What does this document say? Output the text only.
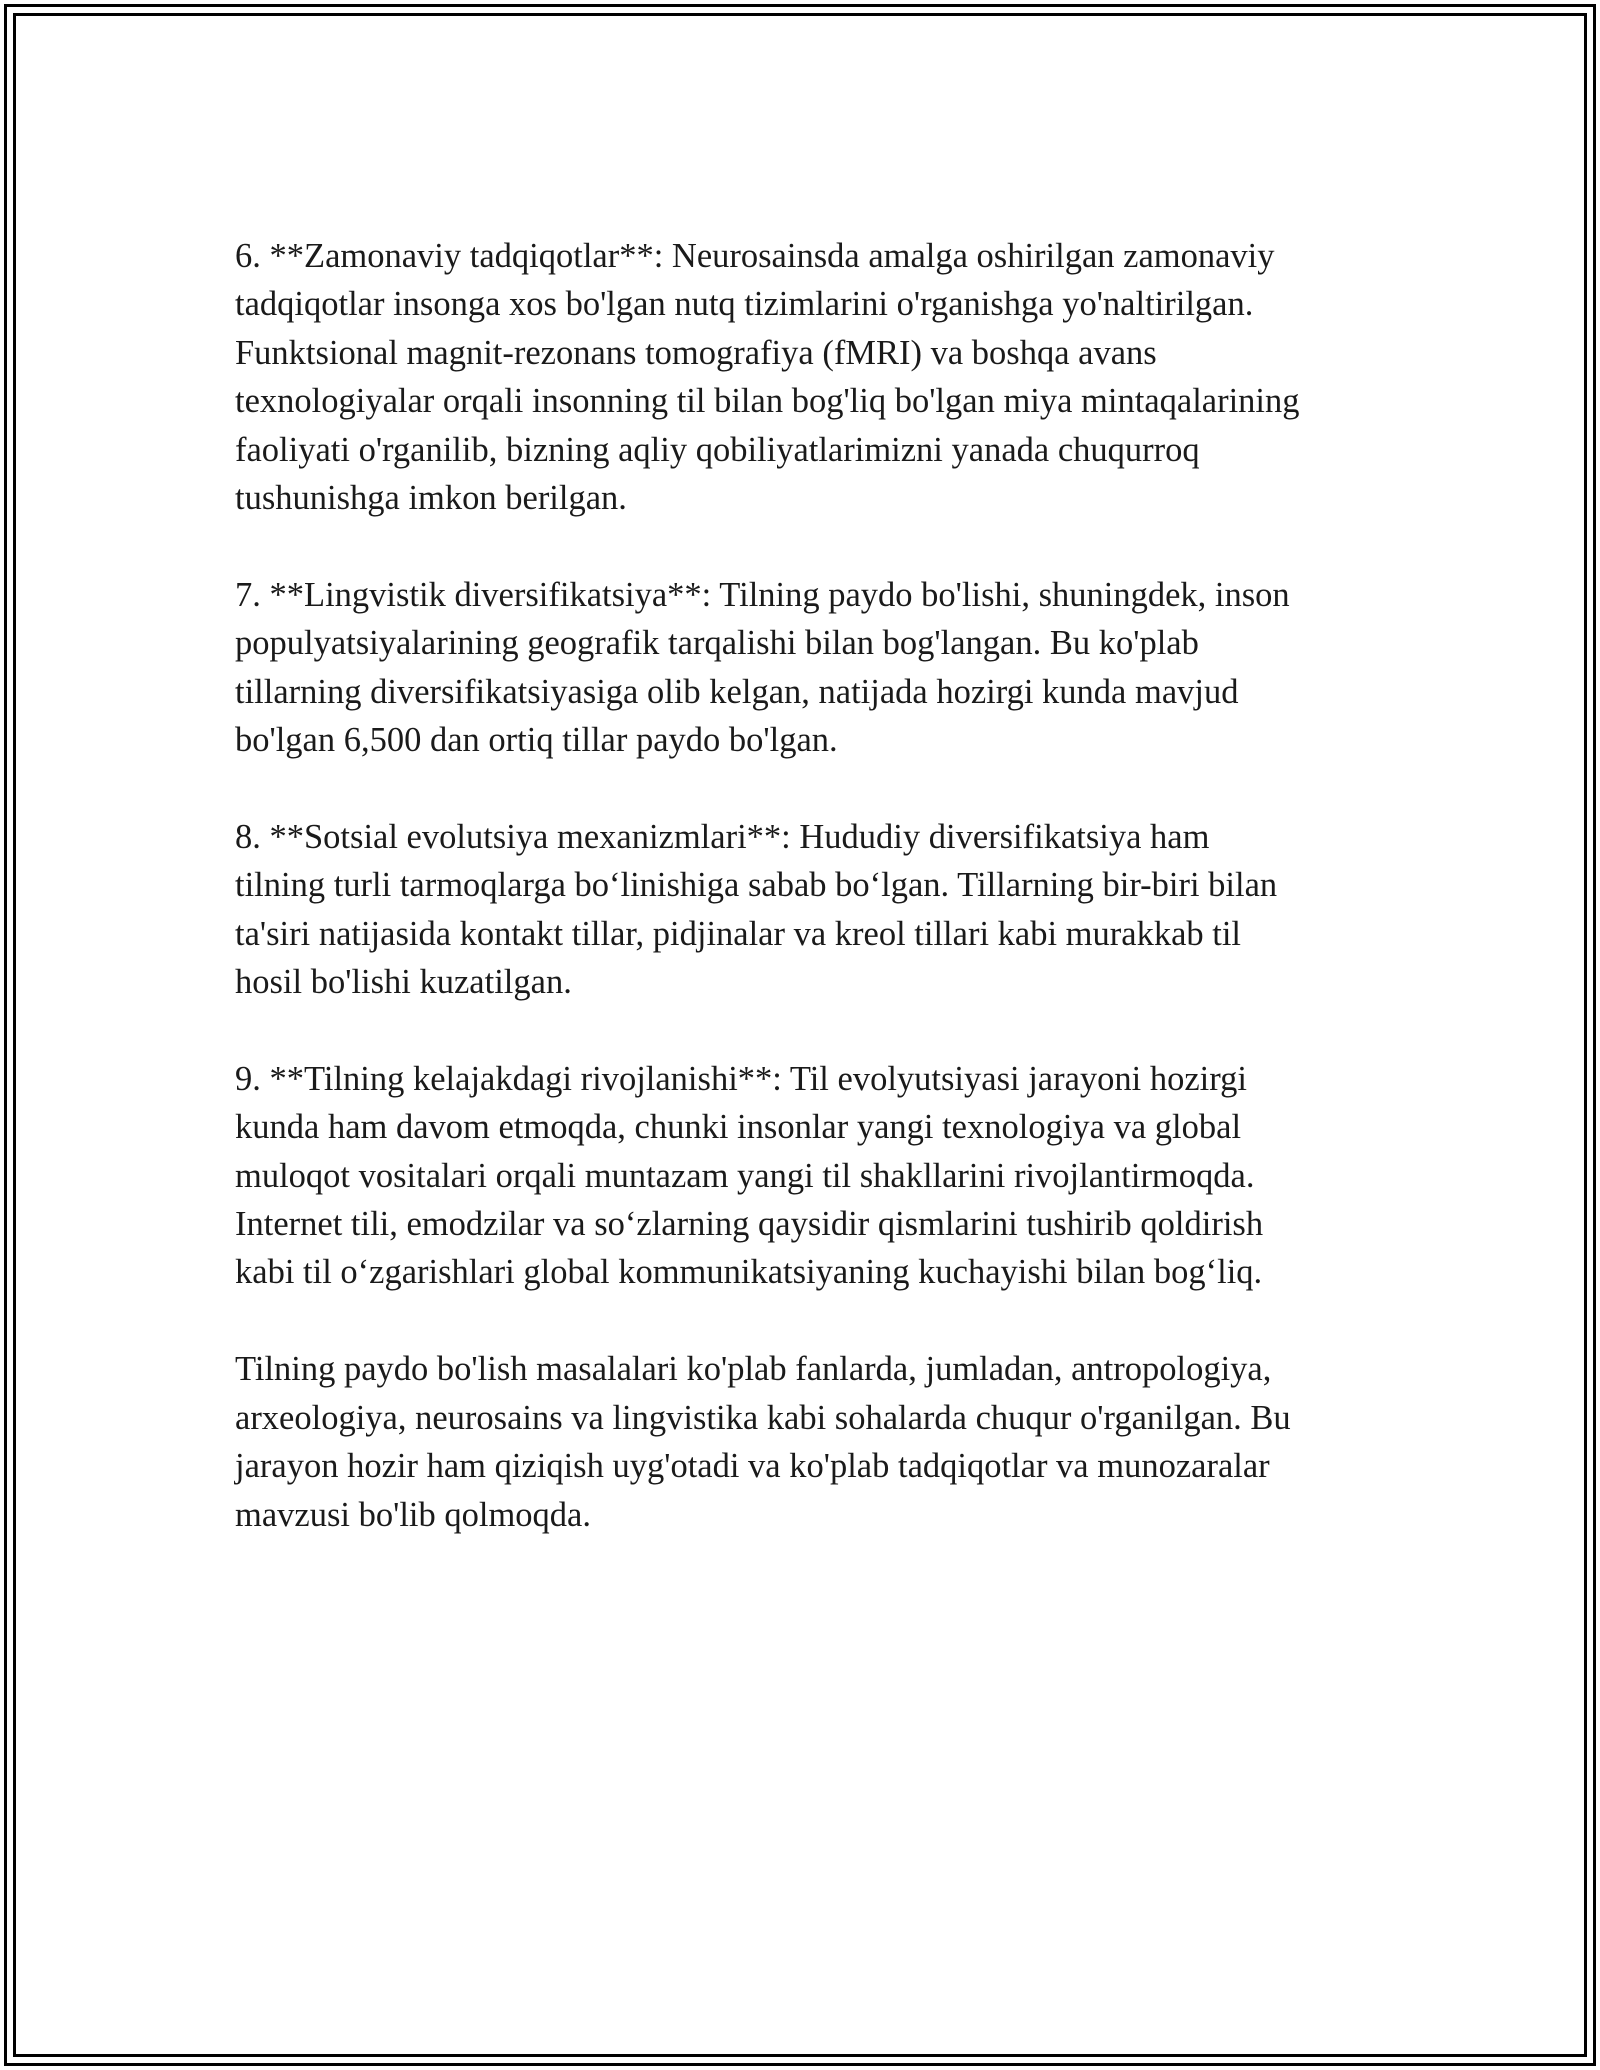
6. **Zamonaviy tadqiqotlar**: Neurosainsda amalga oshirilgan zamonaviy
tadqiqotlar insonga xos bo'lgan nutq tizimlarini o'rganishga yo'naltirilgan.
Funktsional magnit-rezonans tomografiya (fMRI) va boshqa avans
texnologiyalar orqali insonning til bilan bog'liq bo'lgan miya mintaqalarining
faoliyati o'rganilib, bizning aqliy qobiliyatlarimizni yanada chuqurroq
tushunishga imkon berilgan.

7. **Lingvistik diversifikatsiya**: Tilning paydo bo'lishi, shuningdek, inson
populyatsiyalarining geografik tarqalishi bilan bog'langan. Bu ko'plab
tillarning diversifikatsiyasiga olib kelgan, natijada hozirgi kunda mavjud
bo'lgan 6,500 dan ortiq tillar paydo bo'lgan.

8. **Sotsial evolutsiya mexanizmlari**: Hududiy diversifikatsiya ham
tilning turli tarmoqlarga bo‘linishiga sabab bo‘lgan. Tillarning bir-biri bilan
ta'siri natijasida kontakt tillar, pidjinalar va kreol tillari kabi murakkab til
hosil bo'lishi kuzatilgan.

9. **Tilning kelajakdagi rivojlanishi**: Til evolyutsiyasi jarayoni hozirgi
kunda ham davom etmoqda, chunki insonlar yangi texnologiya va global
muloqot vositalari orqali muntazam yangi til shakllarini rivojlantirmoqda.
Internet tili, emodzilar va so‘zlarning qaysidir qismlarini tushirib qoldirish
kabi til o‘zgarishlari global kommunikatsiyaning kuchayishi bilan bog‘liq.

Tilning paydo bo'lish masalalari ko'plab fanlarda, jumladan, antropologiya,
arxeologiya, neurosains va lingvistika kabi sohalarda chuqur o'rganilgan. Bu
jarayon hozir ham qiziqish uyg'otadi va ko'plab tadqiqotlar va munozaralar
mavzusi bo'lib qolmoqda.
